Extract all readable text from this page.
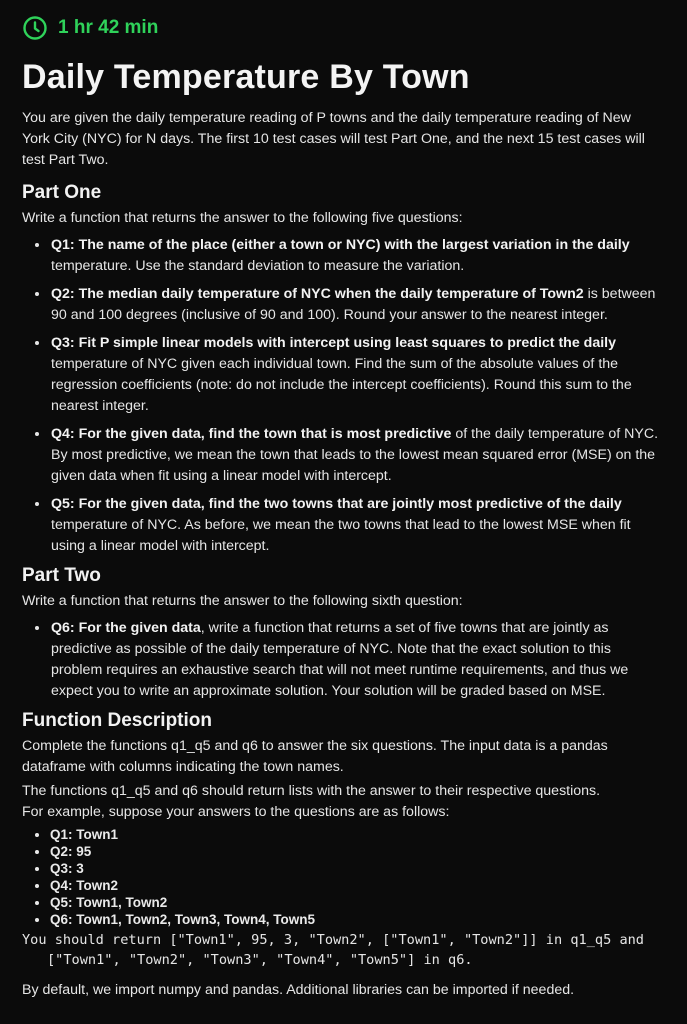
1 hr 42 min
Daily Temperature By Town

You are given the daily temperature reading of P towns and the daily temperature reading of New York City (NYC) for N days. The first 10 test cases will test Part One, and the next 15 test cases will test Part Two.

Part One

Write a function that returns the answer to the following five questions:

• Q1: The name of the place (either a town or NYC) with the largest variation in the daily temperature. Use the standard deviation to measure the variation.
• Q2: The median daily temperature of NYC when the daily temperature of Town2 is between 90 and 100 degrees (inclusive of 90 and 100). Round your answer to the nearest integer.
• Q3: Fit P simple linear models with intercept using least squares to predict the daily temperature of NYC given each individual town. Find the sum of the absolute values of the regression coefficients (note: do not include the intercept coefficients). Round this sum to the nearest integer.
• Q4: For the given data, find the town that is most predictive of the daily temperature of NYC. By most predictive, we mean the town that leads to the lowest mean squared error (MSE) on the given data when fit using a linear model with intercept.
• Q5: For the given data, find the two towns that are jointly most predictive of the daily temperature of NYC. As before, we mean the two towns that lead to the lowest MSE when fit using a linear model with intercept.
Part Two

Write a function that returns the answer to the following sixth question:

• Q6: For the given data, write a function that returns a set of five towns that are jointly as predictive as possible of the daily temperature of NYC. Note that the exact solution to this problem requires an exhaustive search that will not meet runtime requirements, and thus we expect you to write an approximate solution. Your solution will be graded based on MSE.
Function Description

Complete the functions q1_q5 and q6 to answer the six questions. The input data is a pandas dataframe with columns indicating the town names.

The functions q1_q5 and q6 should return lists with the answer to their respective questions.

For example, suppose your answers to the questions are as follows:

• Q1: Town1
• Q2: 95
• Q3: 3
• Q4: Town2
• Q5: Town1, Town2
• Q6: Town1, Town2, Town3, Town4, Town5

You should return ["Town1", 95, 3, "Town2", ["Town1", "Town2"]] in q1_q5 and

["Town1", "Town2", "Town3", "Town4", "Town5"] in q6.

By default, we import numpy and pandas. Additional libraries can be imported if needed.
